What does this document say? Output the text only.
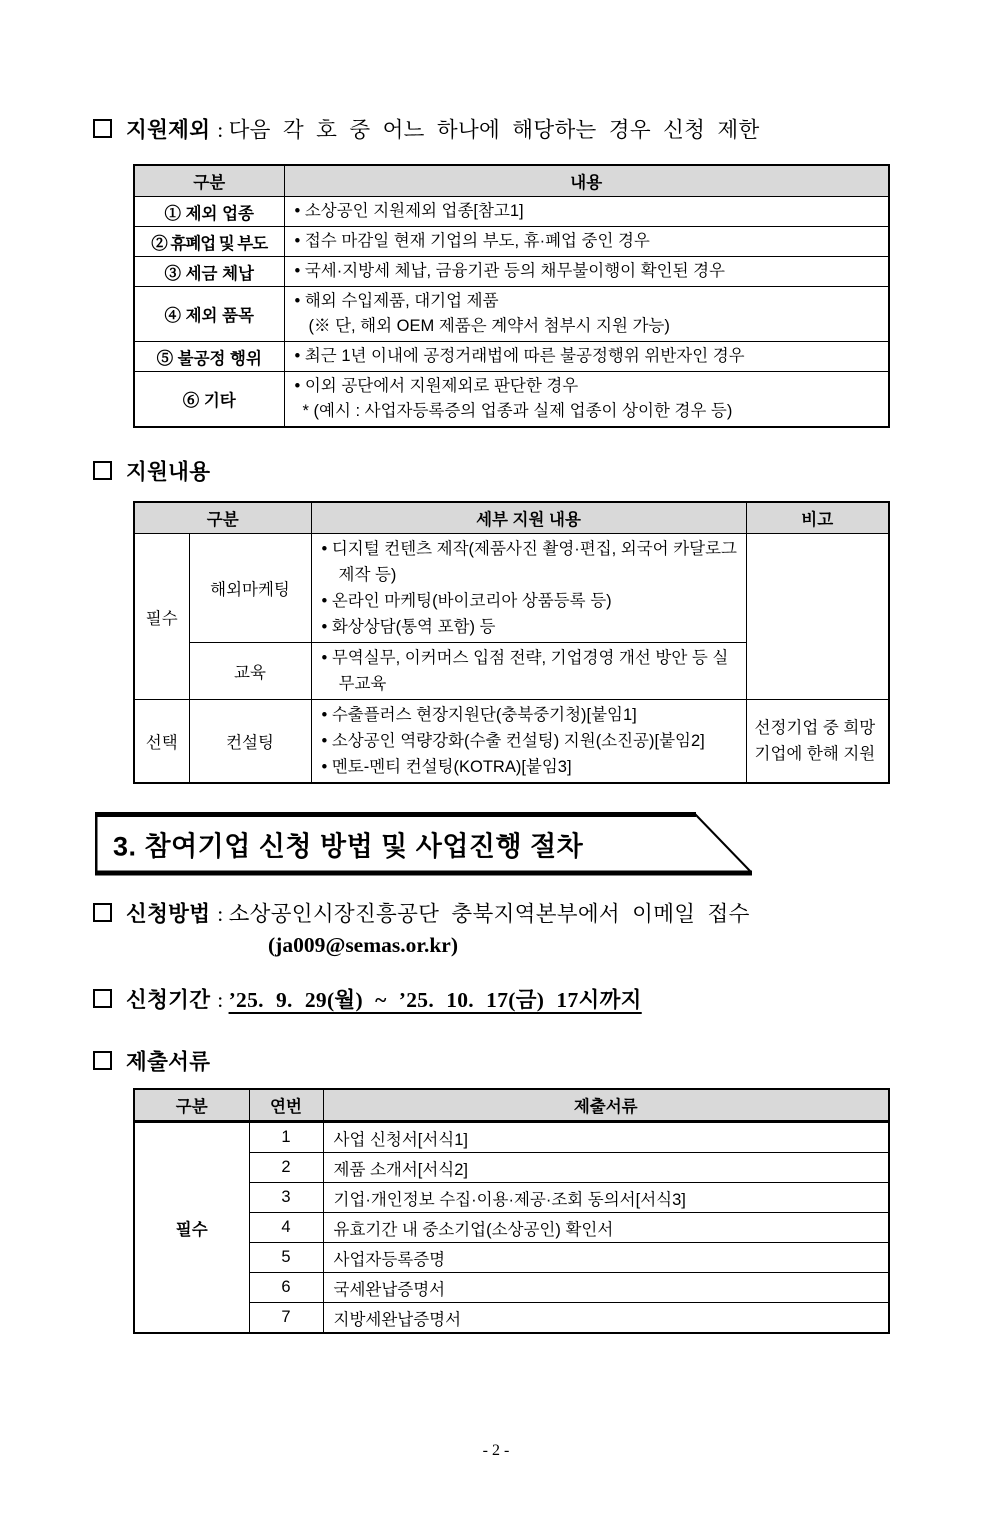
지원제외 : 다음 각 호 중 어느 하나에 해당하는 경우 신청 제한
구분	내용
① 제외 업종	• 소상공인 지원제외 업종[참고1]

② 휴폐업 및 부도	• 접수 마감일 현재 기업의 부도, 휴·폐업 중인 경우

③ 세금 체납	• 국세·지방세 체납, 금융기관 등의 채무불이행이 확인된 경우

④ 제외 품목	• 해외 수입제품, 대기업 제품
(※ 단, 해외 OEM 제품은 계약서 첨부시 지원 가능)

⑤ 불공정 행위	• 최근 1년 이내에 공정거래법에 따른 불공정행위 위반자인 경우

⑥ 기타	• 이외 공단에서 지원제외로 판단한 경우
* (예시 : 사업자등록증의 업종과 실제 업종이 상이한 경우 등)
지원내용
구분		세부 지원 내용	비고
필수	해외마케팅	• 디지털 컨텐츠 제작(제품사진 촬영·편집, 외국어 카달로그 제작 등)
• 온라인 마케팅(바이코리아 상품등록 등)
• 화상상담(통역 포함) 등	

	교육	• 무역실무, 이커머스 입점 전략, 기업경영 개선 방안 등 실무교육	

선택	컨설팅	• 수출플러스 현장지원단(충북중기청)[붙임1]
• 소상공인 역량강화(수출 컨설팅) 지원(소진공)[붙임2]
• 멘토-멘티 컨설팅(KOTRA)[붙임3]	선정기업 중 희망 기업에 한해 지원
3. 참여기업 신청 방법 및 사업진행 절차
신청방법 : 소상공인시장진흥공단 충북지역본부에서 이메일 접수
(ja009@semas.or.kr)
신청기간 : ’25. 9. 29(월) ~ ’25. 10. 17(금) 17시까지
제출서류
구분	연번	제출서류
필수	1	사업 신청서[서식1]
	2	제품 소개서[서식2]
	3	기업·개인정보 수집·이용·제공·조회 동의서[서식3]
	4	유효기간 내 중소기업(소상공인) 확인서
	5	사업자등록증명
	6	국세완납증명서
	7	지방세완납증명서
- 2 -
